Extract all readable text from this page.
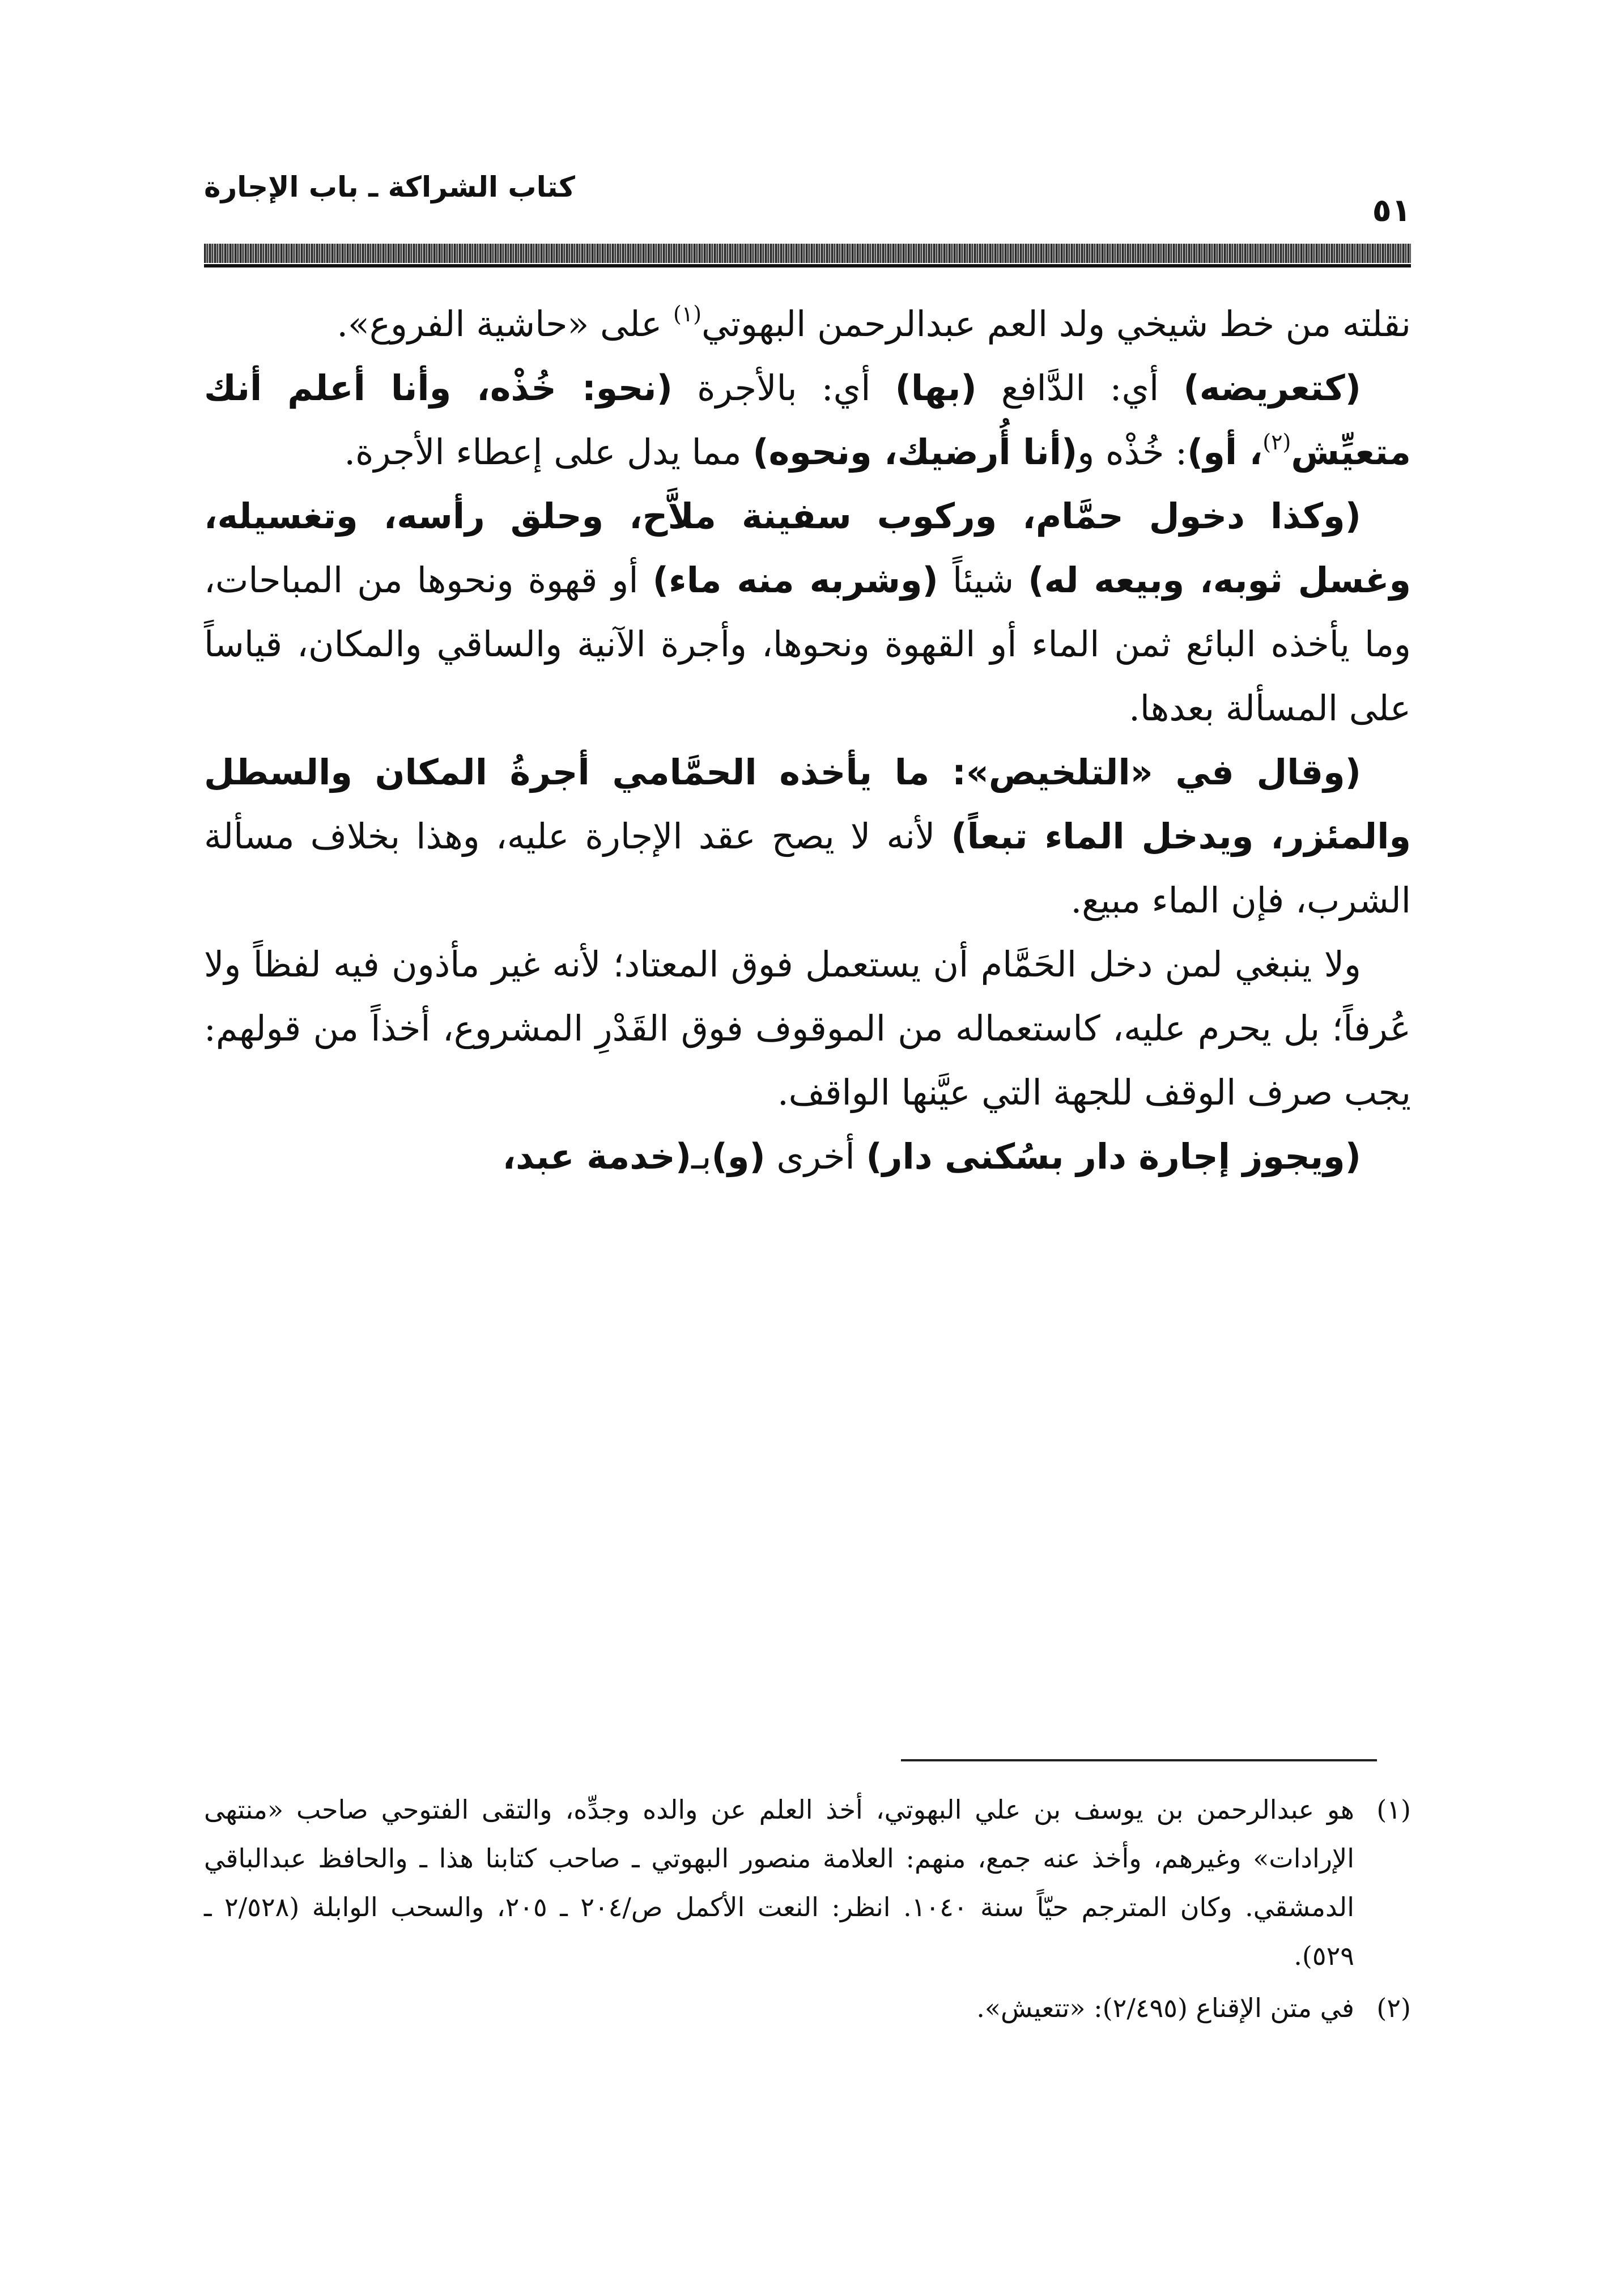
كتاب الشراكة ـ باب الإجارة
٥١

نقلته من خط شيخي ولد العم عبدالرحمن البهوتي$^{(١)}$ على «حاشية الفروع».

(كتعريضه) أي: الدَّافع (بها) أي: بالأجرة (نحو: خُذْه، وأنا أعلم أنك متعيِّش$^{(٢)}$، أو): خُذْه و(أنا أُرضيك، ونحوه) مما يدل على إعطاء الأجرة.

(وكذا دخول حمَّام، وركوب سفينة ملاَّح، وحلق رأسه، وتغسيله، وغسل ثوبه، وبيعه له) شيئاً (وشربه منه ماء) أو قهوة ونحوها من المباحات، وما يأخذه البائع ثمن الماء أو القهوة ونحوها، وأجرة الآنية والساقي والمكان، قياساً على المسألة بعدها.

(وقال في «التلخيص»: ما يأخذه الحمَّامي أجرةُ المكان والسطل والمئزر، ويدخل الماء تبعاً) لأنه لا يصح عقد الإجارة عليه، وهذا بخلاف مسألة الشرب، فإن الماء مبيع.

ولا ينبغي لمن دخل الحَمَّام أن يستعمل فوق المعتاد؛ لأنه غير مأذون فيه لفظاً ولا عُرفاً؛ بل يحرم عليه، كاستعماله من الموقوف فوق القَدْرِ المشروع، أخذاً من قولهم: يجب صرف الوقف للجهة التي عيَّنها الواقف.

(ويجوز إجارة دار بسُكنى دار) أخرى (و)بـ(خدمة عبد،

(١)هو عبدالرحمن بن يوسف بن علي البهوتي، أخذ العلم عن والده وجدِّه، والتقى الفتوحي صاحب «منتهى الإرادات» وغيرهم، وأخذ عنه جمع، منهم: العلامة منصور البهوتي ـ صاحب كتابنا هذا ـ والحافظ عبدالباقي الدمشقي. وكان المترجم حيّاً سنة ١٠٤٠. انظر: النعت الأكمل ص/٢٠٤ ـ ٢٠٥، والسحب الوابلة (٢/٥٢٨ ـ ٥٢٩).

(٢)في متن الإقناع (٢/٤٩٥): «تتعيش».
